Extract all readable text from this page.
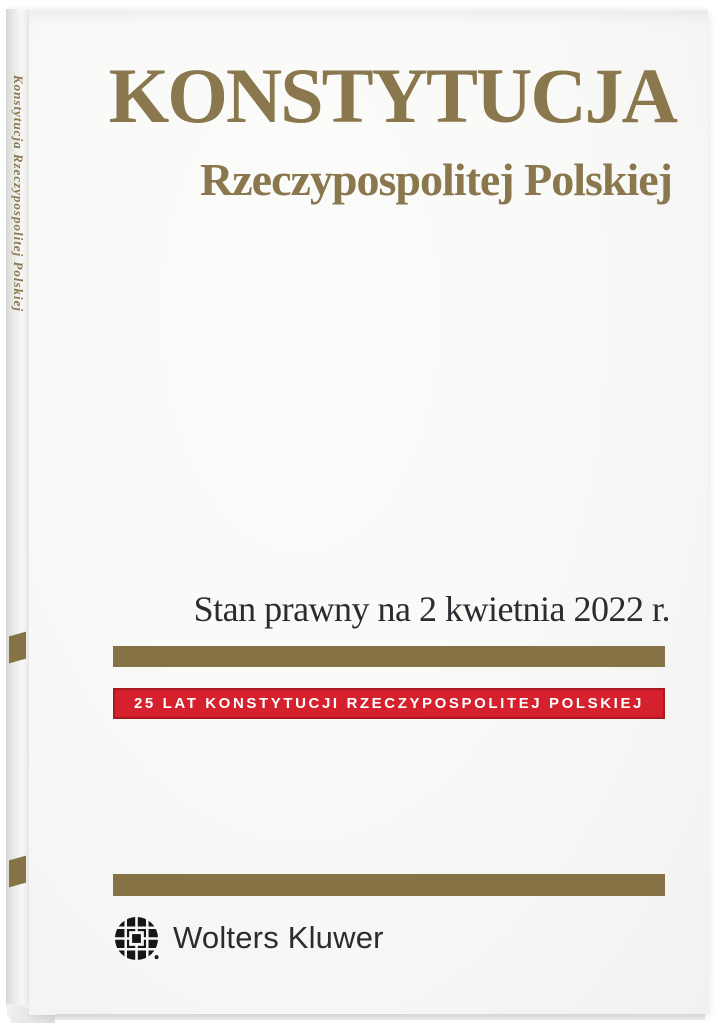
Konstytucja Rzeczypospolitej Polskiej KONSTYTUCJA
Rzeczypospolitej Polskiej
Stan prawny na 2 kwietnia 2022 r.
25 LAT KONSTYTUCJI RZECZYPOSPOLITEJ POLSKIEJ
Wolters Kluwer
